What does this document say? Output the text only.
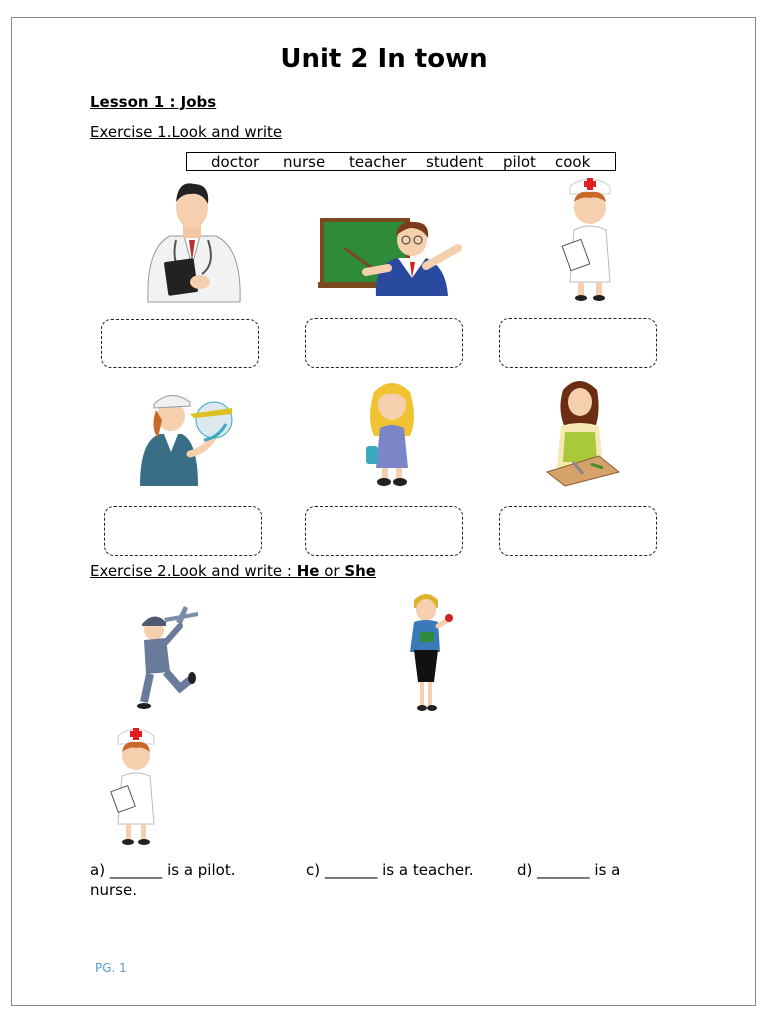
Unit 2 In town
Lesson 1 : Jobs
Exercise 1.Look and write
doctor nurse teacher student pilot cook
Exercise 2.Look and write : He or She
a) _______ is a pilot.	c) _______ is a teacher.	d) _______ is a
nurse.
PG. 1
